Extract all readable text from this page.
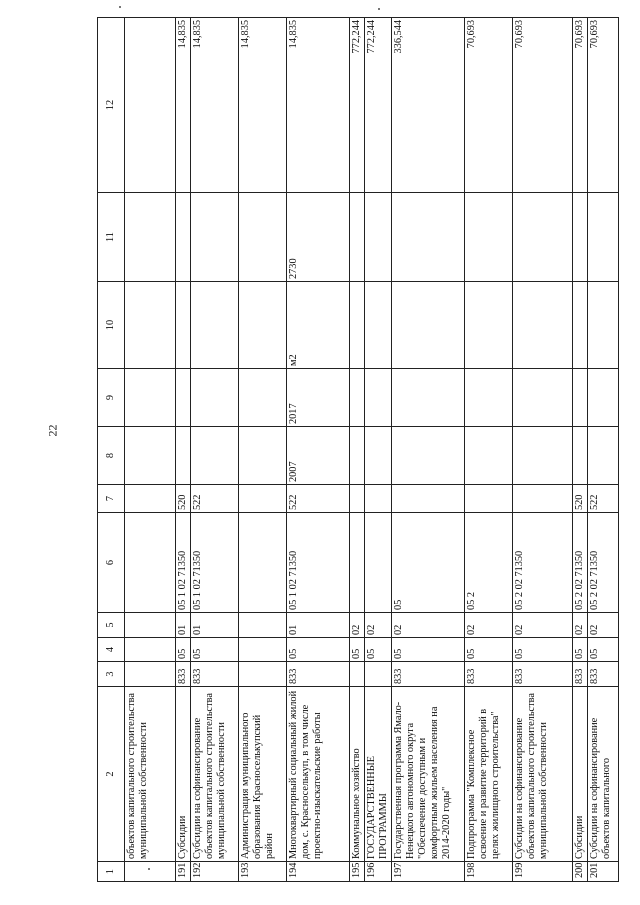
22
1	2	3	4	5	6	7	8	9	10	11	12
	объектов капитального строительства муниципальной собственности										
191	Субсидии	833	05	01	05 1 02 71350	520					14,835
192	Субсидии на софинансирование объектов капитального строительства муниципальной собственности	833	05	01	05 1 02 71350	522					14,835
193	Администрация муниципального образования Красноселькупский район										14,835
194	Многоквартирный социальный жилой дом, с. Красноселькуп, в том числе проектно-изыскательские работы	833	05	01	05 1 02 71350	522	2007	2017	м2	2730	14,835
195	Коммунальное хозяйство		05	02							772,244
196	ГОСУДАРСТВЕННЫЕ ПРОГРАММЫ		05	02							772,244
197	Государственная программа Ямало-Ненецкого автономного округа "Обеспечение доступным и комфортным жильем населения на 2014-2020 годы"	833	05	02	05						336,544
198	Подпрограмма "Комплексное освоение и развитие территорий в целях жилищного строительства"	833	05	02	05 2						70,693
199	Субсидии на софинансирование объектов капитального строительства муниципальной собственности	833	05	02	05 2 02 71350						70,693
200	Субсидии	833	05	02	05 2 02 71350	520					70,693
201	Субсидии на софинансирование объектов капитального	833	05	02	05 2 02 71350	522					70,693
